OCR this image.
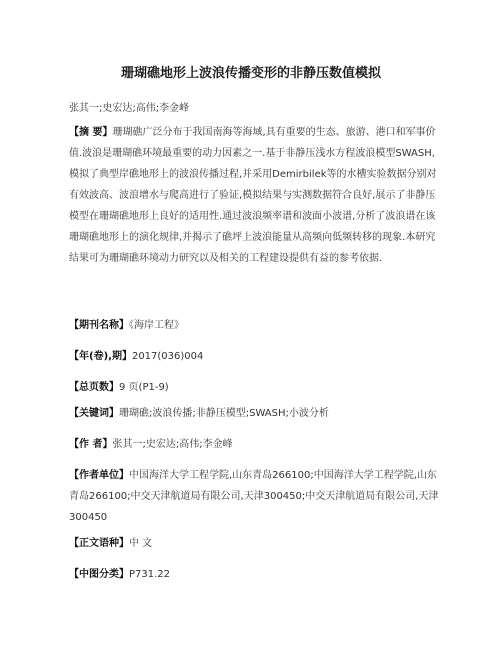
珊瑚礁地形上波浪传播变形的非静压数值模拟
张其一;史宏达;高伟;李金峰
【摘 要】珊瑚礁广泛分布于我国南海等海域,具有重要的生态、旅游、港口和军事价值.波浪是珊瑚礁环境最重要的动力因素之一.基于非静压浅水方程波浪模型SWASH,模拟了典型岸礁地形上的波浪传播过程,并采用Demirbilek等的水槽实验数据分别对有效波高、波浪增水与爬高进行了验证,模拟结果与实测数据符合良好,展示了非静压模型在珊瑚礁地形上良好的适用性.通过波浪频率谱和波面小波谱,分析了波浪谱在该珊瑚礁地形上的演化规律,并揭示了礁坪上波浪能量从高频向低频转移的现象.本研究结果可为珊瑚礁环境动力研究以及相关的工程建设提供有益的参考依据.
【期刊名称】《海岸工程》
【年(卷),期】2017(036)004
【总页数】9 页(P1-9)
【关键词】珊瑚礁;波浪传播;非静压模型;SWASH;小波分析
【作 者】张其一;史宏达;高伟;李金峰
【作者单位】中国海洋大学工程学院,山东青岛266100;中国海洋大学工程学院,山东青岛266100;中交天津航道局有限公司,天津300450;中交天津航道局有限公司,天津300450
【正文语种】中 文
【中图分类】P731.22
